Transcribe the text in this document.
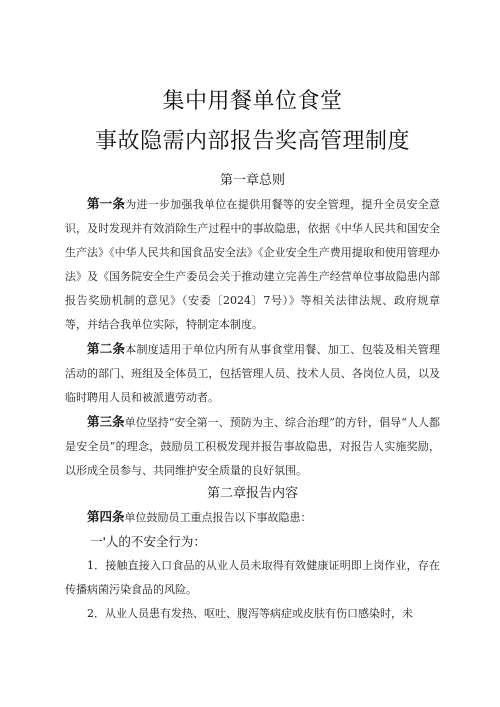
集中用餐单位食堂
事故隐需内部报告奖高管理制度
第一章总则

第一条为进一步加强我单位在提供用餐等的安全管理，提升全员安全意识，及时发现并有效消除生产过程中的事故隐患，依据《中华人民共和国安全生产法》《中华人民共和国食品安全法》《企业安全生产费用提取和使用管理办法》及《国务院安全生产委员会关于推动建立完善生产经营单位事故隐患内部报告奖励机制的意见》（安委〔2024〕7号）》等相关法律法规、政府规章等，并结合我单位实际，特制定本制度。

第二条本制度适用于单位内所有从事食堂用餐、加工、包装及相关管理活动的部门、班组及全体员工，包括管理人员、技术人员、各岗位人员，以及临时聘用人员和被派遣劳动者。

第三条单位坚持“安全第一、预防为主、综合治理”的方针，倡导“人人都是安全员”的理念，鼓励员工积极发现并报告事故隐患，对报告人实施奖励，以形成全员参与、共同维护安全质量的良好氛围。

第二章报告内容

第四条单位鼓励员工重点报告以下事故隐患：

一'人的不安全行为：

1．接触直接入口食品的从业人员未取得有效健康证明即上岗作业，存在传播病菌污染食品的风险。

2．从业人员患有发热、呕吐、腹泻等病症或皮肤有伤口感染时，未
